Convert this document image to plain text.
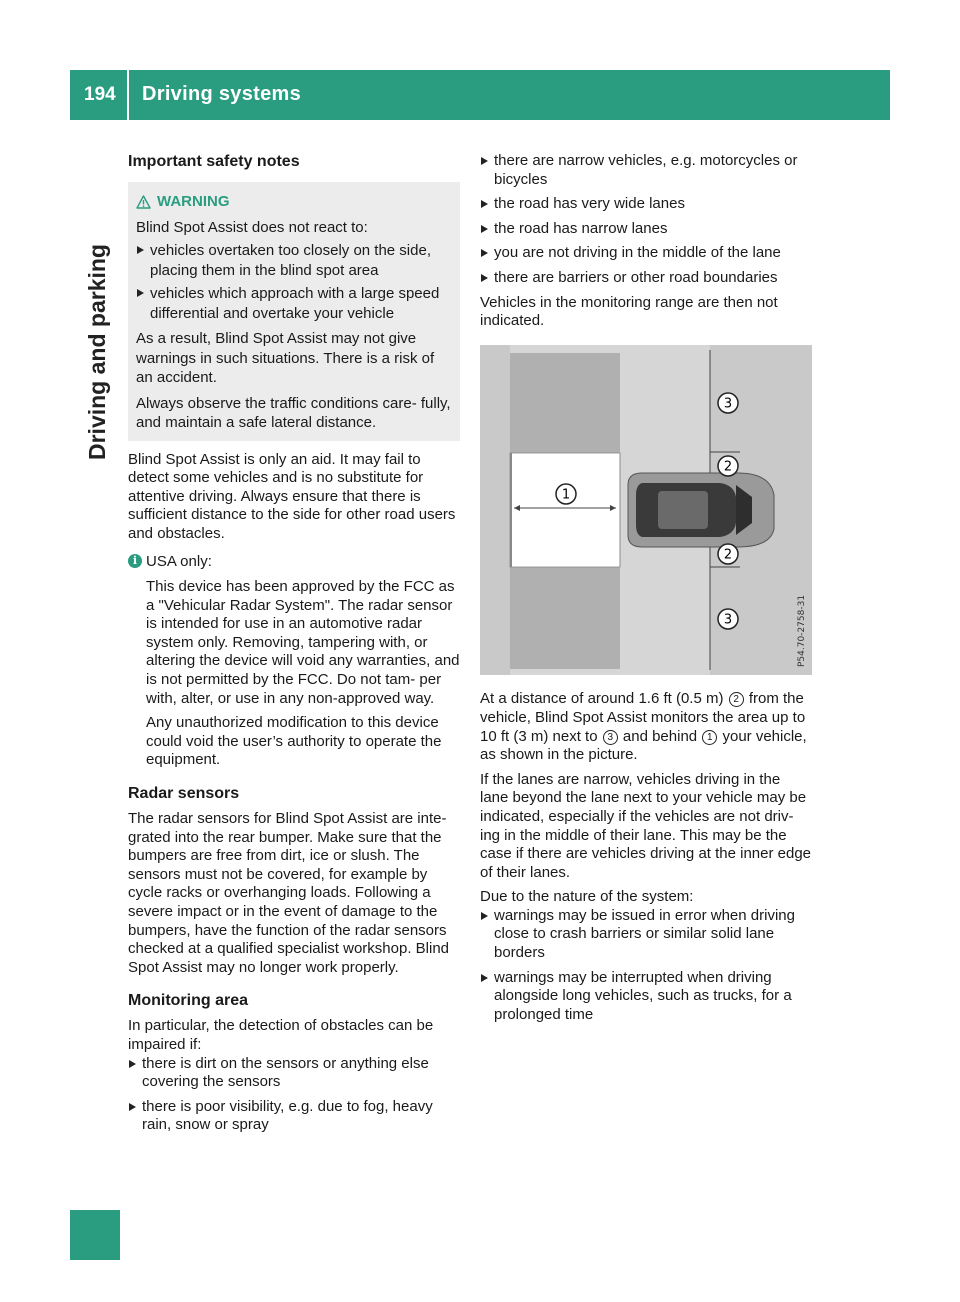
194 Driving systems
Driving and parking
Important safety notes
WARNING

Blind Spot Assist does not react to:

vehicles overtaken too closely on the side, placing them in the blind spot area
vehicles which approach with a large speed differential and overtake your vehicle

As a result, Blind Spot Assist may not give warnings in such situations. There is a risk of an accident.

Always observe the traffic conditions care- fully, and maintain a safe lateral distance.

Blind Spot Assist is only an aid. It may fail to detect some vehicles and is no substitute for attentive driving. Always ensure that there is sufficient distance to the side for other road users and obstacles.

i USA only:

This device has been approved by the FCC as a "Vehicular Radar System". The radar sensor is intended for use in an automotive radar system only. Removing, tampering with, or altering the device will void any warranties, and is not permitted by the FCC. Do not tam- per with, alter, or use in any non-approved way.

Any unauthorized modification to this device could void the user’s authority to operate the equipment.

Radar sensors

The radar sensors for Blind Spot Assist are inte- grated into the rear bumper. Make sure that the bumpers are free from dirt, ice or slush. The sensors must not be covered, for example by cycle racks or overhanging loads. Following a severe impact or in the event of damage to the bumpers, have the function of the radar sensors checked at a qualified specialist workshop. Blind Spot Assist may no longer work properly.

Monitoring area

In particular, the detection of obstacles can be impaired if:

there is dirt on the sensors or anything else covering the sensors
there is poor visibility, e.g. due to fog, heavy rain, snow or spray
there are narrow vehicles, e.g. motorcycles or bicycles
the road has very wide lanes
the road has narrow lanes
you are not driving in the middle of the lane
there are barriers or other road boundaries

Vehicles in the monitoring range are then not indicated.

1
3
2
2
3	P54.70-2758-31

At a distance of around 1.6 ft (0.5 m) 2 from the vehicle, Blind Spot Assist monitors the area up to 10 ft (3 m) next to 3 and behind 1 your vehicle, as shown in the picture.

If the lanes are narrow, vehicles driving in the lane beyond the lane next to your vehicle may be indicated, especially if the vehicles are not driv- ing in the middle of their lane. This may be the case if there are vehicles driving at the inner edge of their lanes.

Due to the nature of the system:

warnings may be issued in error when driving close to crash barriers or similar solid lane borders
warnings may be interrupted when driving alongside long vehicles, such as trucks, for a prolonged time
